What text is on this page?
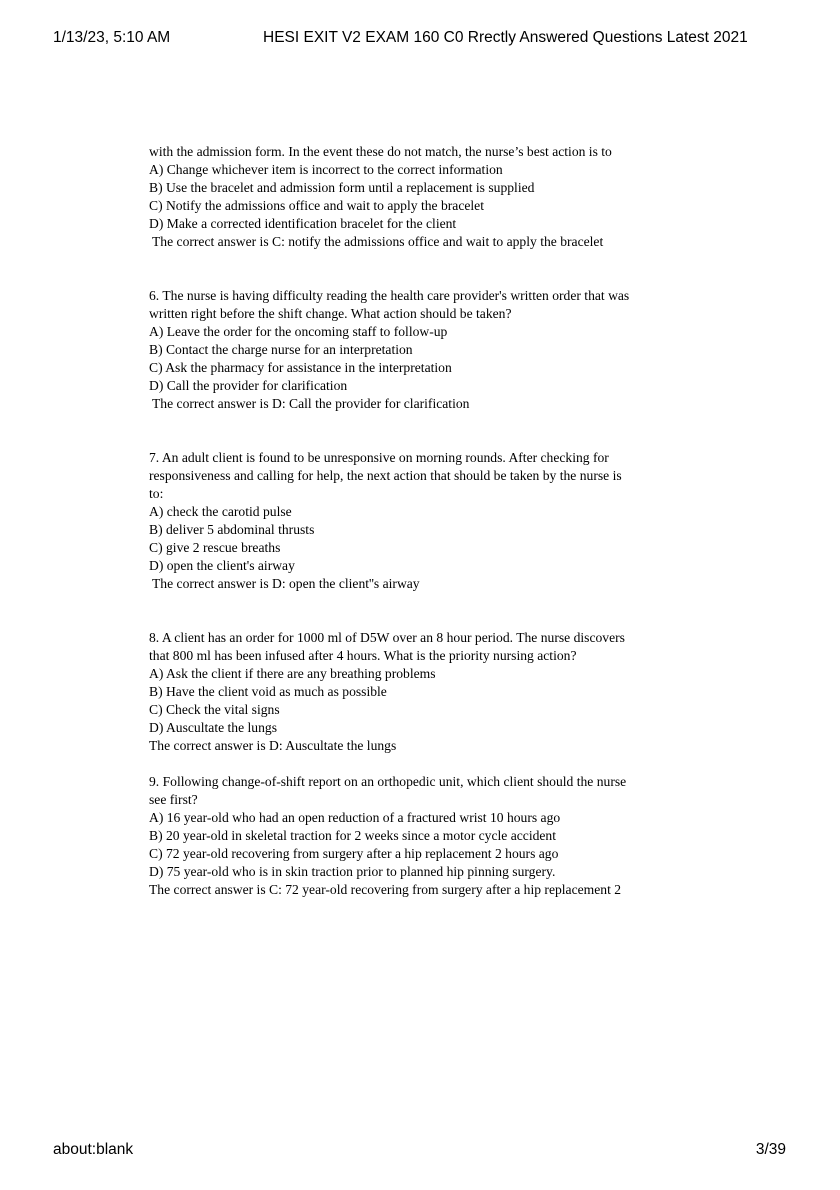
1/13/23, 5:10 AM	HESI EXIT V2 EXAM 160 C0 Rrectly Answered Questions Latest 2021
with the admission form. In the event these do not match, the nurse’s best action is to
A) Change whichever item is incorrect to the correct information
B) Use the bracelet and admission form until a replacement is supplied
C) Notify the admissions office and wait to apply the bracelet
D) Make a corrected identification bracelet for the client
The correct answer is C: notify the admissions office and wait to apply the bracelet
6. The nurse is having difficulty reading the health care provider's written order that was
written right before the shift change. What action should be taken?
A) Leave the order for the oncoming staff to follow-up
B) Contact the charge nurse for an interpretation
C) Ask the pharmacy for assistance in the interpretation
D) Call the provider for clarification
The correct answer is D: Call the provider for clarification
7. An adult client is found to be unresponsive on morning rounds. After checking for
responsiveness and calling for help, the next action that should be taken by the nurse is
to:
A) check the carotid pulse
B) deliver 5 abdominal thrusts
C) give 2 rescue breaths
D) open the client's airway
The correct answer is D: open the client''s airway
8. A client has an order for 1000 ml of D5W over an 8 hour period. The nurse discovers
that 800 ml has been infused after 4 hours. What is the priority nursing action?
A) Ask the client if there are any breathing problems
B) Have the client void as much as possible
C) Check the vital signs
D) Auscultate the lungs
The correct answer is D: Auscultate the lungs
9. Following change-of-shift report on an orthopedic unit, which client should the nurse
see first?
A) 16 year-old who had an open reduction of a fractured wrist 10 hours ago
B) 20 year-old in skeletal traction for 2 weeks since a motor cycle accident
C) 72 year-old recovering from surgery after a hip replacement 2 hours ago
D) 75 year-old who is in skin traction prior to planned hip pinning surgery.
The correct answer is C: 72 year-old recovering from surgery after a hip replacement 2
about:blank	3/39
